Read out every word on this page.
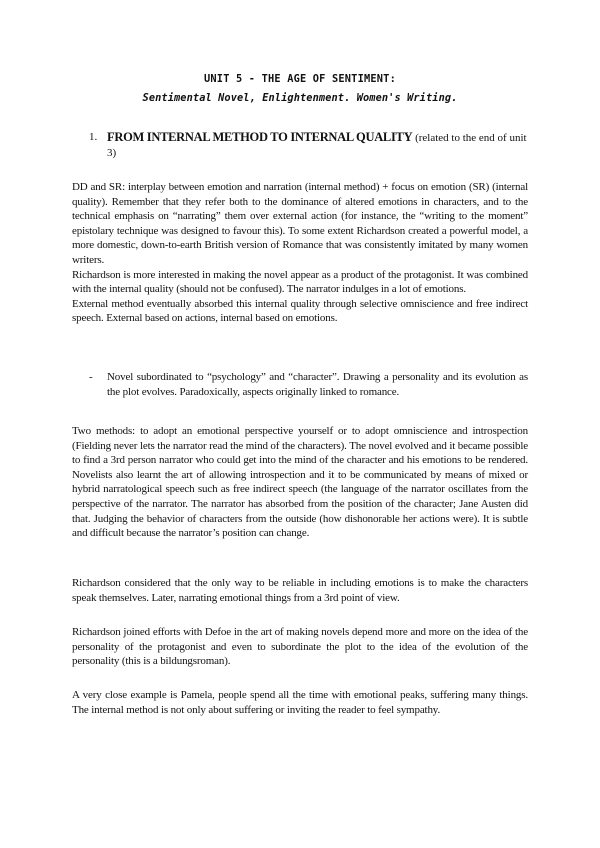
UNIT 5 - THE AGE OF SENTIMENT:
Sentimental Novel, Enlightenment. Women's Writing.
1. FROM INTERNAL METHOD TO INTERNAL QUALITY (related to the end of unit 3)

DD and SR: interplay between emotion and narration (internal method) + focus on emotion (SR) (internal quality). Remember that they refer both to the dominance of altered emotions in characters, and to the technical emphasis on “narrating” them over external action (for instance, the “writing to the moment” epistolary technique was designed to favour this). To some extent Richardson created a powerful model, a more domestic, down-to-earth British version of Romance that was consistently imitated by many women writers.

Richardson is more interested in making the novel appear as a product of the protagonist. It was combined with the internal quality (should not be confused). The narrator indulges in a lot of emotions.

External method eventually absorbed this internal quality through selective omniscience and free indirect speech. External based on actions, internal based on emotions.

-	Novel subordinated to “psychology” and “character”. Drawing a personality and its evolution as the plot evolves. Paradoxically, aspects originally linked to romance.

Two methods: to adopt an emotional perspective yourself or to adopt omniscience and introspection (Fielding never lets the narrator read the mind of the characters). The novel evolved and it became possible to find a 3rd person narrator who could get into the mind of the character and his emotions to be rendered. Novelists also learnt the art of allowing introspection and it to be communicated by means of mixed or hybrid narratological speech such as free indirect speech (the language of the narrator oscillates from the perspective of the narrator. The narrator has absorbed from the position of the character; Jane Austen did that. Judging the behavior of characters from the outside (how dishonorable her actions were). It is subtle and difficult because the narrator’s position can change.

Richardson considered that the only way to be reliable in including emotions is to make the characters speak themselves. Later, narrating emotional things from a 3rd point of view.

Richardson joined efforts with Defoe in the art of making novels depend more and more on the idea of the personality of the protagonist and even to subordinate the plot to the idea of the evolution of the personality (this is a bildungsroman).

A very close example is Pamela, people spend all the time with emotional peaks, suffering many things. The internal method is not only about suffering or inviting the reader to feel sympathy.
